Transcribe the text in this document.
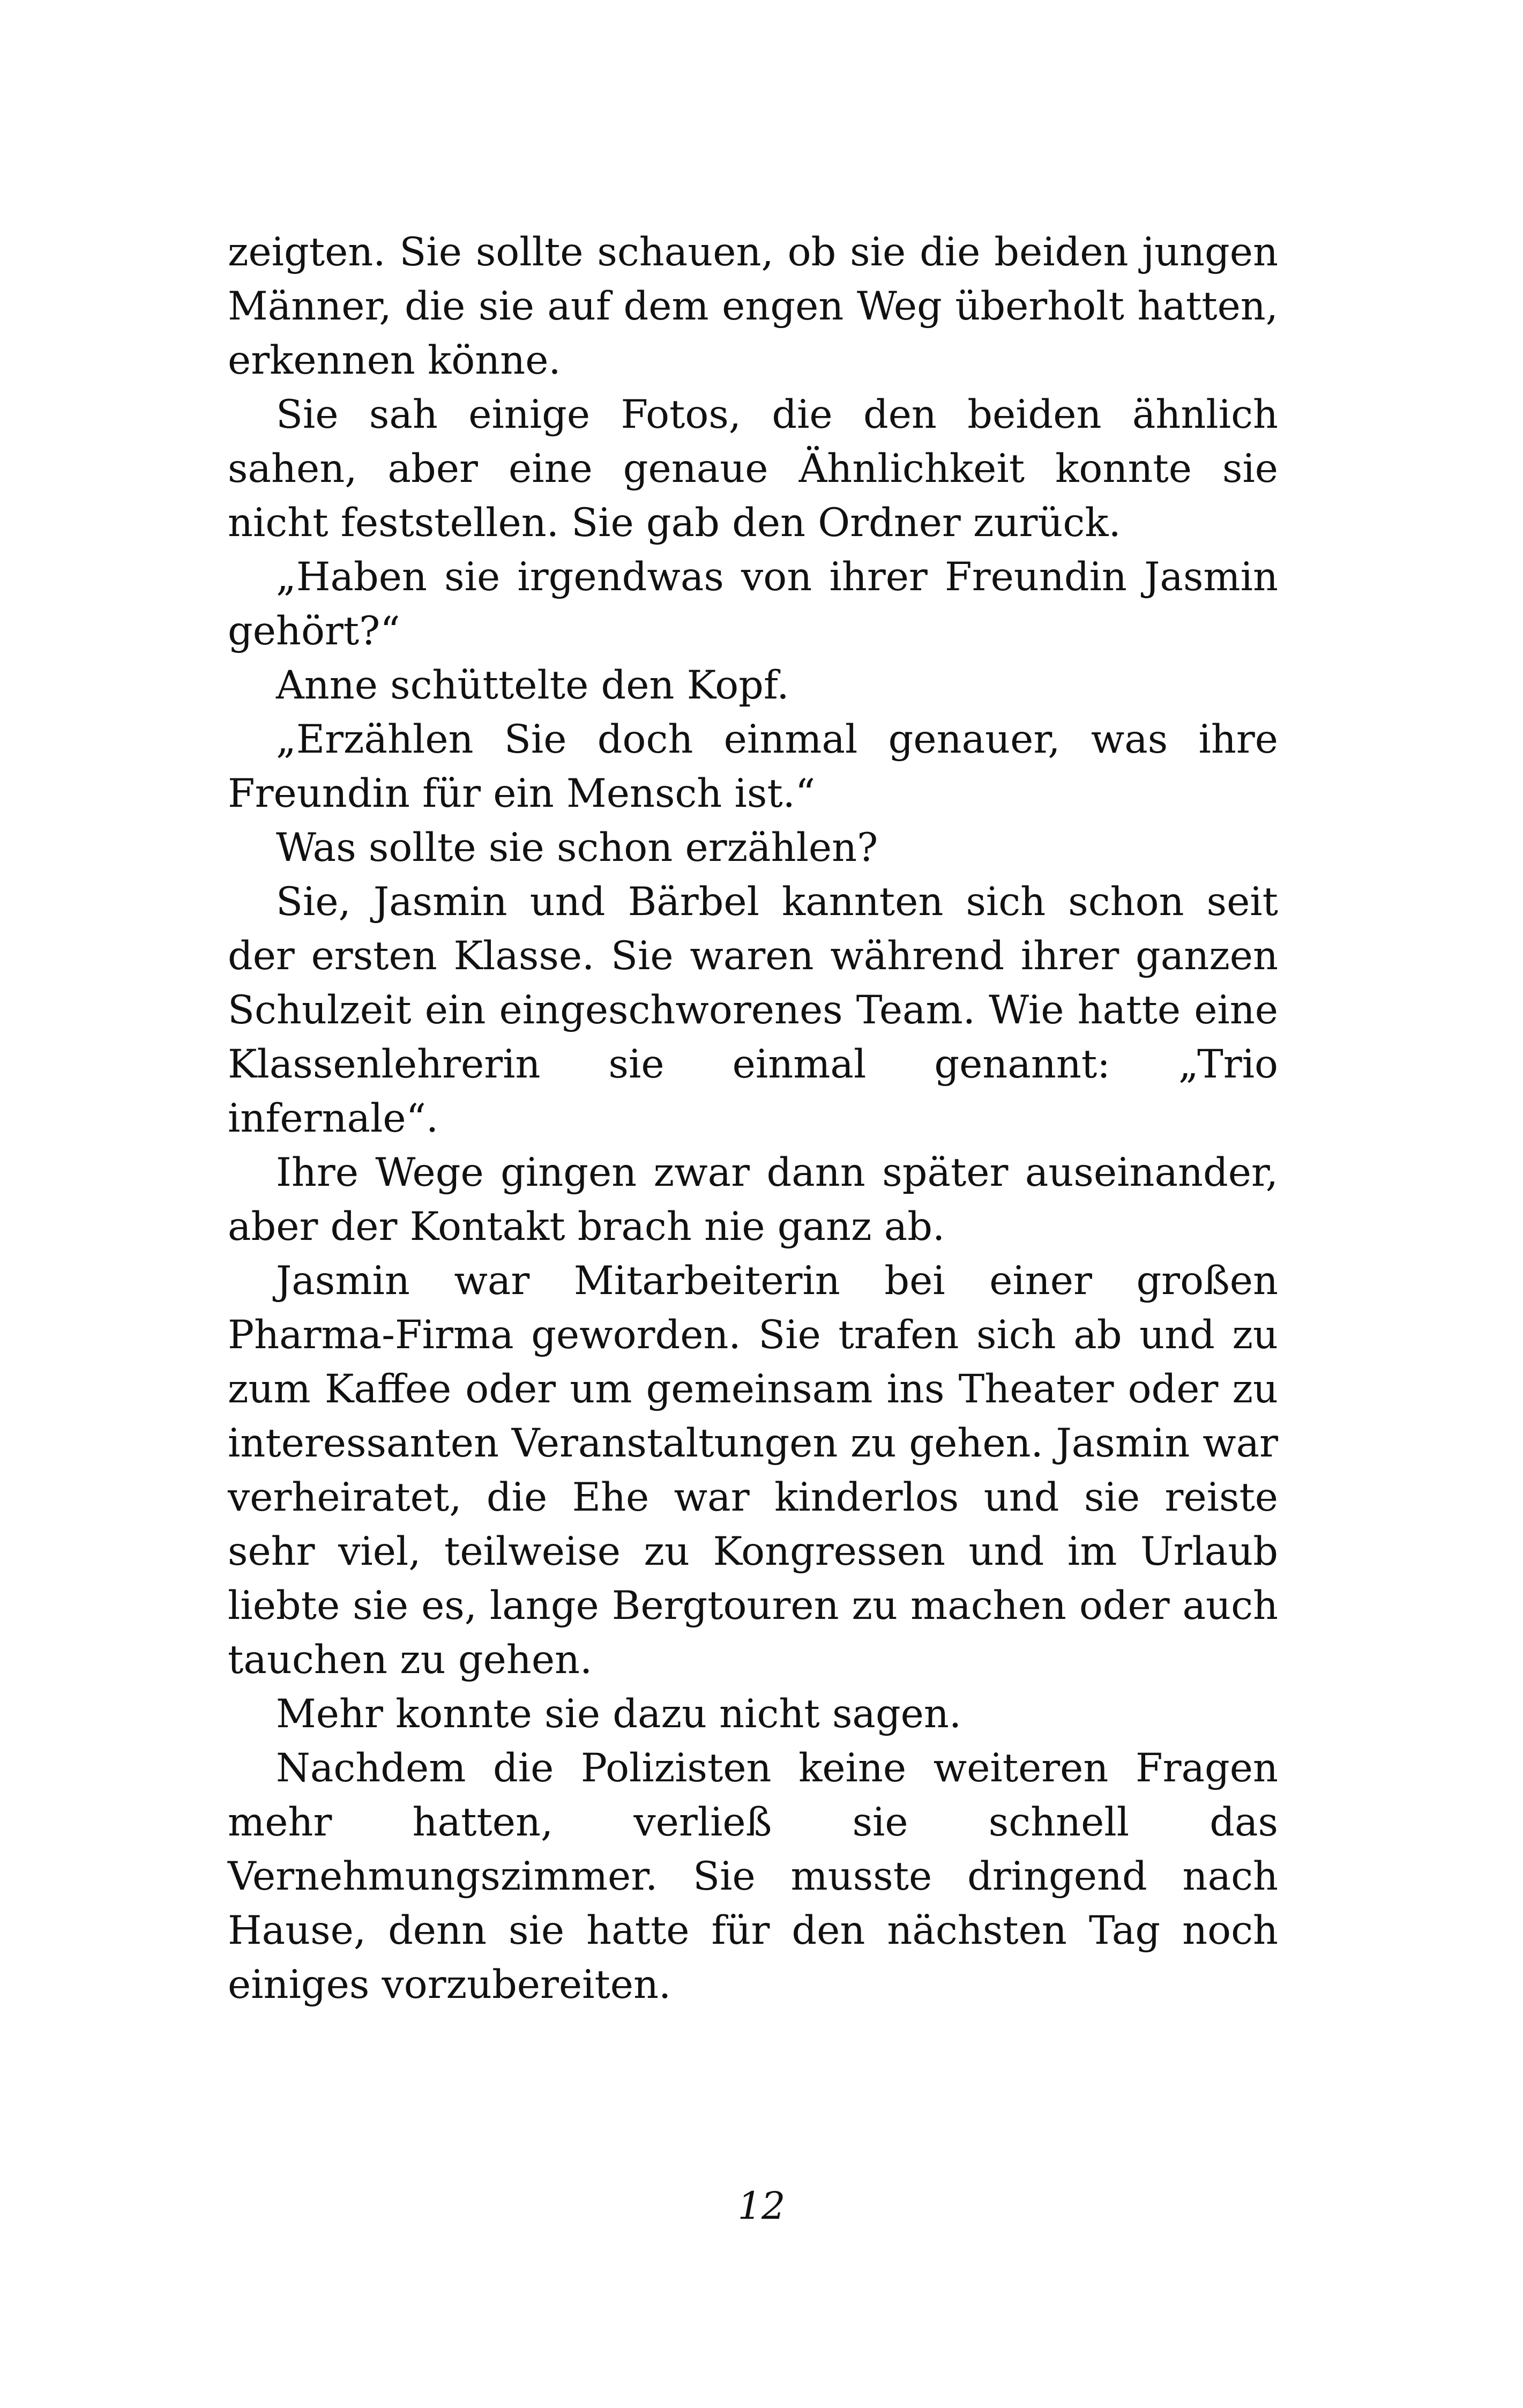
zeigten. Sie sollte schauen, ob sie die beiden jungen Männer, die sie auf dem engen Weg überholt hatten, erkennen könne.

Sie sah einige Fotos, die den beiden ähnlich sahen, aber eine genaue Ähnlichkeit konnte sie nicht feststellen. Sie gab den Ordner zurück.

„Haben sie irgendwas von ihrer Freundin Jasmin gehört?“

Anne schüttelte den Kopf.

„Erzählen Sie doch einmal genauer, was ihre Freundin für ein Mensch ist.“

Was sollte sie schon erzählen?

Sie, Jasmin und Bärbel kannten sich schon seit der ersten Klasse. Sie waren während ihrer ganzen Schulzeit ein eingeschworenes Team. Wie hatte eine Klassenlehrerin sie einmal genannt: „Trio infernale“.

Ihre Wege gingen zwar dann später auseinander, aber der Kontakt brach nie ganz ab.

Jasmin war Mitarbeiterin bei einer großen Pharma-Firma geworden. Sie trafen sich ab und zu zum Kaffee oder um gemeinsam ins Theater oder zu interessanten Veranstaltungen zu gehen. Jasmin war verheiratet, die Ehe war kinderlos und sie reiste sehr viel, teilweise zu Kongressen und im Urlaub liebte sie es, lange Bergtouren zu machen oder auch tauchen zu gehen.

Mehr konnte sie dazu nicht sagen.

Nachdem die Polizisten keine weiteren Fragen mehr hatten, verließ sie schnell das Vernehmungszimmer. Sie musste dringend nach Hause, denn sie hatte für den nächsten Tag noch einiges vorzubereiten.

12
